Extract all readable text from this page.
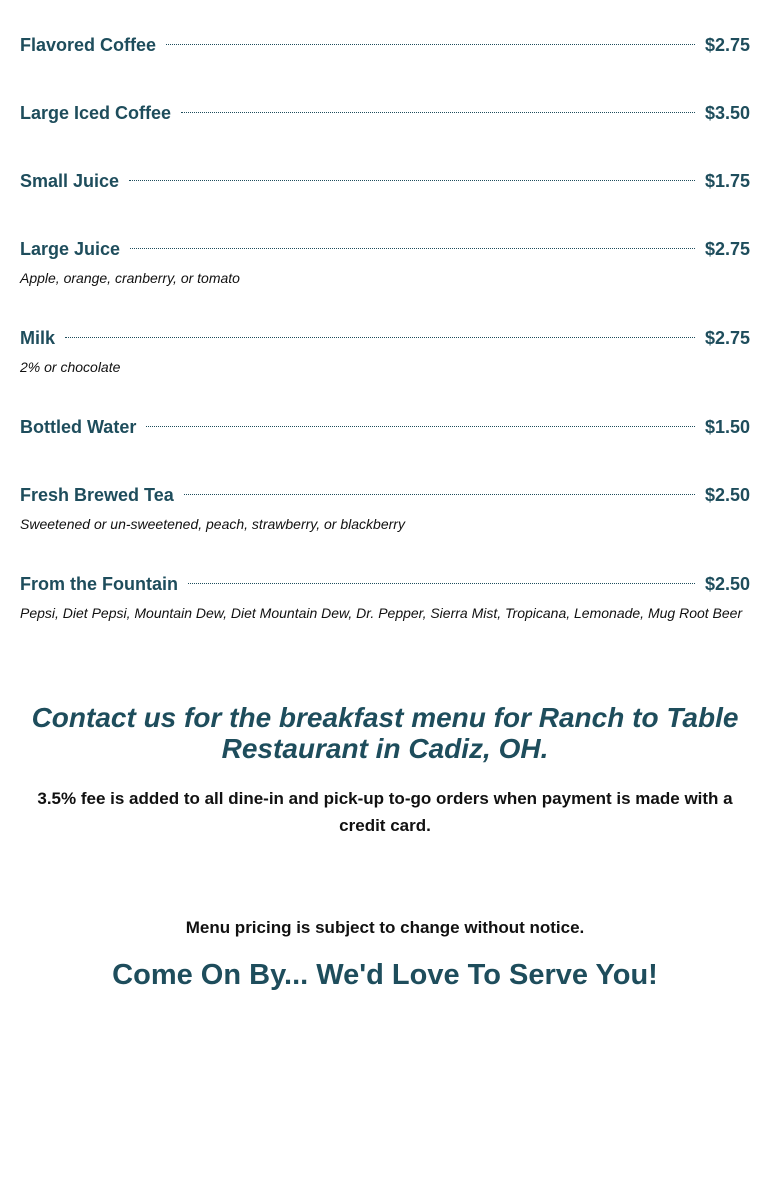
Flavored Coffee	$2.75
Large Iced Coffee	$3.50
Small Juice	$1.75
Large Juice	$2.75
Apple, orange, cranberry, or tomato
Milk	$2.75
2% or chocolate
Bottled Water	$1.50
Fresh Brewed Tea	$2.50
Sweetened or un-sweetened, peach, strawberry, or blackberry
From the Fountain	$2.50
Pepsi, Diet Pepsi, Mountain Dew, Diet Mountain Dew, Dr. Pepper, Sierra Mist, Tropicana, Lemonade, Mug Root Beer
Contact us for the breakfast menu for Ranch to Table Restaurant in Cadiz, OH.

3.5% fee is added to all dine-in and pick-up to-go orders when payment is made with a credit card.

Menu pricing is subject to change without notice.

Come On By... We'd Love To Serve You!
